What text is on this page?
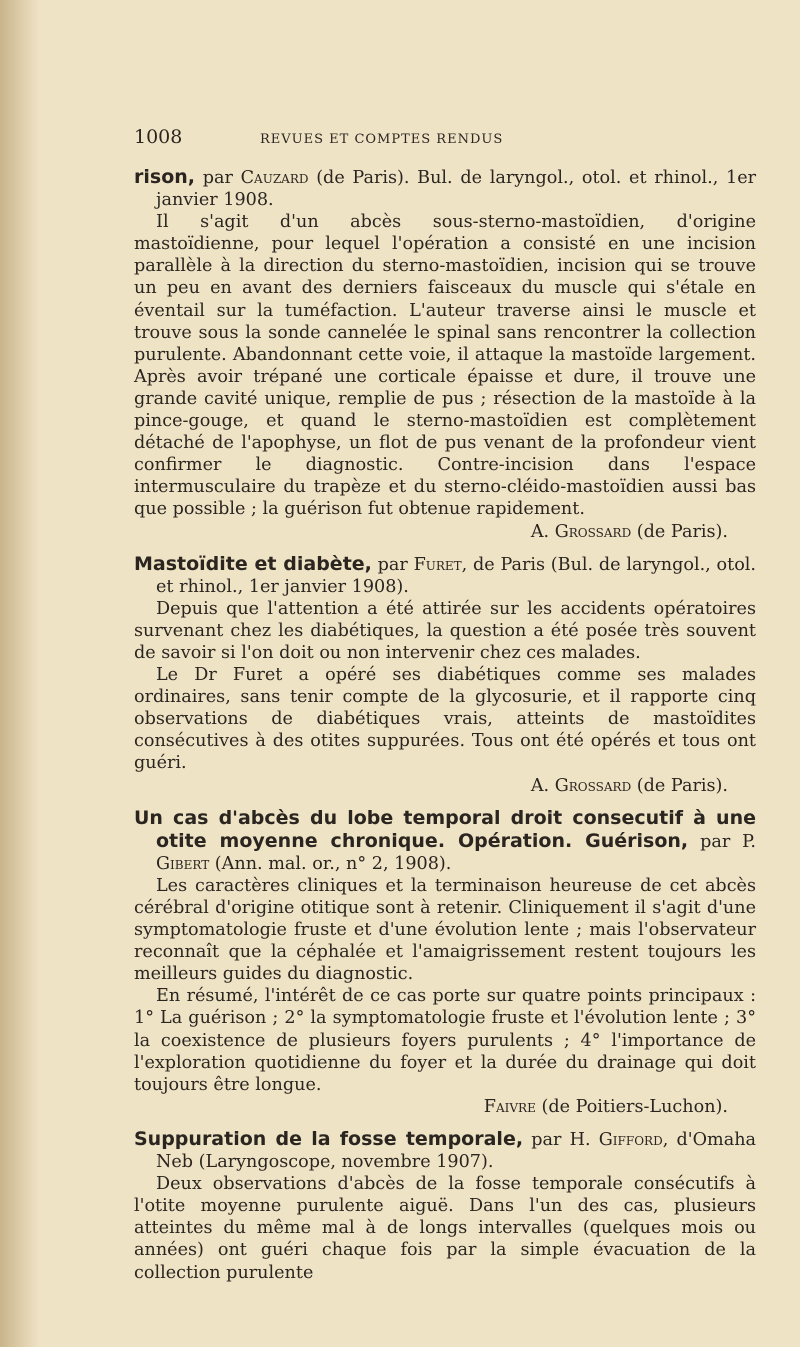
1008	REVUES ET COMPTES RENDUS

rison, par Cauzard (de Paris). Bul. de laryngol., otol. et rhinol., 1er janvier 1908.

Il s'agit d'un abcès sous-sterno-mastoïdien, d'origine mastoïdienne, pour lequel l'opération a consisté en une incision parallèle à la direction du sterno-mastoïdien, incision qui se trouve un peu en avant des derniers faisceaux du muscle qui s'étale en éventail sur la tuméfaction. L'auteur traverse ainsi le muscle et trouve sous la sonde cannelée le spinal sans rencontrer la collection purulente. Abandonnant cette voie, il attaque la mastoïde largement. Après avoir trépané une corticale épaisse et dure, il trouve une grande cavité unique, remplie de pus ; résection de la mastoïde à la pince-gouge, et quand le sterno-mastoïdien est complètement détaché de l'apophyse, un flot de pus venant de la profondeur vient confirmer le diagnostic. Contre-incision dans l'espace intermusculaire du trapèze et du sterno-cléido-mastoïdien aussi bas que possible ; la guérison fut obtenue rapidement.

A. Grossard (de Paris).

Mastoïdite et diabète, par Furet, de Paris (Bul. de laryngol., otol. et rhinol., 1er janvier 1908).

Depuis que l'attention a été attirée sur les accidents opératoires survenant chez les diabétiques, la question a été posée très souvent de savoir si l'on doit ou non intervenir chez ces malades.

Le Dr Furet a opéré ses diabétiques comme ses malades ordinaires, sans tenir compte de la glycosurie, et il rapporte cinq observations de diabétiques vrais, atteints de mastoïdites consécutives à des otites suppurées. Tous ont été opérés et tous ont guéri.

A. Grossard (de Paris).

Un cas d'abcès du lobe temporal droit consecutif à une otite moyenne chronique. Opération. Guérison, par P. Gibert (Ann. mal. or., n° 2, 1908).

Les caractères cliniques et la terminaison heureuse de cet abcès cérébral d'origine otitique sont à retenir. Cliniquement il s'agit d'une symptomatologie fruste et d'une évolution lente ; mais l'observateur reconnaît que la céphalée et l'amaigrissement restent toujours les meilleurs guides du diagnostic.

En résumé, l'intérêt de ce cas porte sur quatre points principaux : 1° La guérison ; 2° la symptomatologie fruste et l'évolution lente ; 3° la coexistence de plusieurs foyers purulents ; 4° l'importance de l'exploration quotidienne du foyer et la durée du drainage qui doit toujours être longue.

Faivre (de Poitiers-Luchon).

Suppuration de la fosse temporale, par H. Gifford, d'Omaha Neb (Laryngoscope, novembre 1907).

Deux observations d'abcès de la fosse temporale consécutifs à l'otite moyenne purulente aiguë. Dans l'un des cas, plusieurs atteintes du même mal à de longs intervalles (quelques mois ou années) ont guéri chaque fois par la simple évacuation de la collection purulente
